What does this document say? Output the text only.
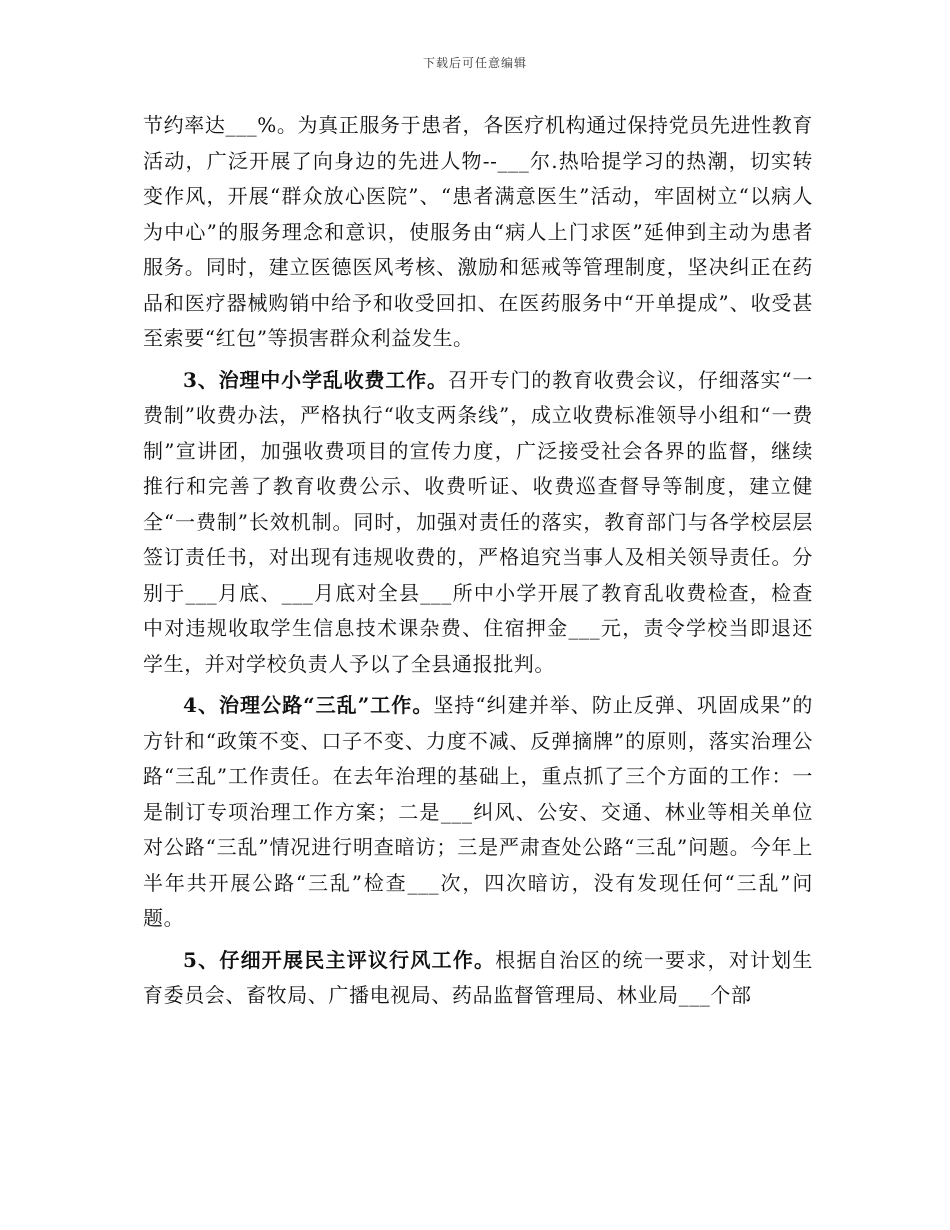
下载后可任意编辑

节约率达___%。为真正服务于患者，各医疗机构通过保持党员先进性教育活动，广泛开展了向身边的先进人物--___尔.热哈提学习的热潮，切实转变作风，开展“群众放心医院”、“患者满意医生”活动，牢固树立“以病人为中心”的服务理念和意识，使服务由“病人上门求医”延伸到主动为患者服务。同时，建立医德医风考核、激励和惩戒等管理制度，坚决纠正在药品和医疗器械购销中给予和收受回扣、在医药服务中“开单提成”、收受甚至索要“红包”等损害群众利益发生。

3、治理中小学乱收费工作。召开专门的教育收费会议，仔细落实“一费制”收费办法，严格执行“收支两条线”，成立收费标准领导小组和“一费制”宣讲团，加强收费项目的宣传力度，广泛接受社会各界的监督，继续推行和完善了教育收费公示、收费听证、收费巡查督导等制度，建立健全“一费制”长效机制。同时，加强对责任的落实，教育部门与各学校层层签订责任书，对出现有违规收费的，严格追究当事人及相关领导责任。分别于___月底、___月底对全县___所中小学开展了教育乱收费检查，检查中对违规收取学生信息技术课杂费、住宿押金___元，责令学校当即退还学生，并对学校负责人予以了全县通报批判。

4、治理公路“三乱”工作。坚持“纠建并举、防止反弹、巩固成果”的方针和“政策不变、口子不变、力度不减、反弹摘牌”的原则，落实治理公路“三乱”工作责任。在去年治理的基础上，重点抓了三个方面的工作：一是制订专项治理工作方案；二是___纠风、公安、交通、林业等相关单位对公路“三乱”情况进行明查暗访；三是严肃查处公路“三乱”问题。今年上半年共开展公路“三乱”检查___次，四次暗访，没有发现任何“三乱”问题。

5、仔细开展民主评议行风工作。根据自治区的统一要求，对计划生育委员会、畜牧局、广播电视局、药品监督管理局、林业局___个部
